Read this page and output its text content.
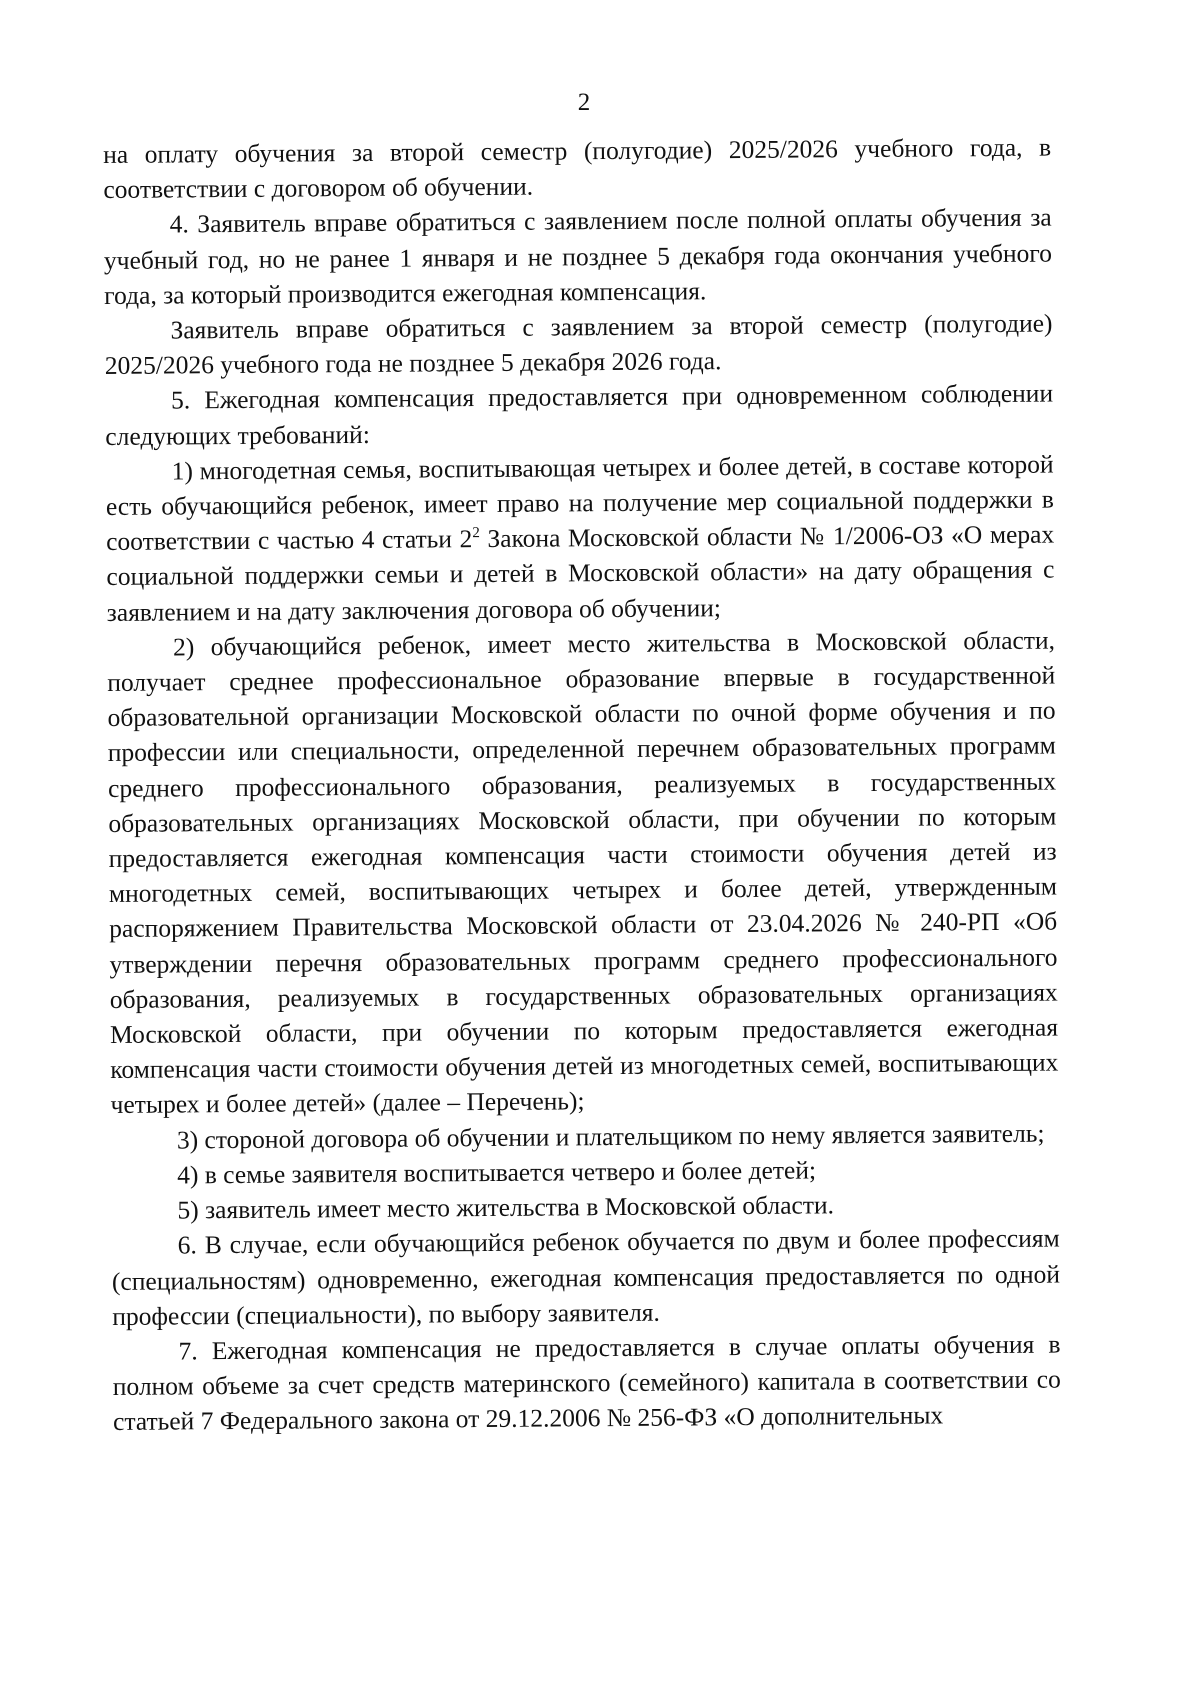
2

на оплату обучения за второй семестр (полугодие) 2025/2026 учебного года, в соответствии с договором об обучении.

4. Заявитель вправе обратиться с заявлением после полной оплаты обучения за учебный год, но не ранее 1 января и не позднее 5 декабря года окончания учебного года, за который производится ежегодная компенсация.

Заявитель вправе обратиться с заявлением за второй семестр (полугодие) 2025/2026 учебного года не позднее 5 декабря 2026 года.

5. Ежегодная компенсация предоставляется при одновременном соблюдении следующих требований:

1) многодетная семья, воспитывающая четырех и более детей, в составе которой есть обучающийся ребенок, имеет право на получение мер социальной поддержки в соответствии с частью 4 статьи $2^2$ Закона Московской области № 1/2006-ОЗ «О мерах социальной поддержки семьи и детей в Московской области» на дату обращения с заявлением и на дату заключения договора об обучении;

2) обучающийся ребенок, имеет место жительства в Московской области, получает среднее профессиональное образование впервые в государственной образовательной организации Московской области по очной форме обучения и по профессии или специальности, определенной перечнем образовательных программ среднего профессионального образования, реализуемых в государственных образовательных организациях Московской области, при обучении по которым предоставляется ежегодная компенсация части стоимости обучения детей из многодетных семей, воспитывающих четырех и более детей, утвержденным распоряжением Правительства Московской области от 23.04.2026 № 240-РП «Об утверждении перечня образовательных программ среднего профессионального образования, реализуемых в государственных образовательных организациях Московской области, при обучении по которым предоставляется ежегодная компенсация части стоимости обучения детей из многодетных семей, воспитывающих четырех и более детей» (далее – Перечень);

3) стороной договора об обучении и плательщиком по нему является заявитель;

4) в семье заявителя воспитывается четверо и более детей;

5) заявитель имеет место жительства в Московской области.

6. В случае, если обучающийся ребенок обучается по двум и более профессиям (специальностям) одновременно, ежегодная компенсация предоставляется по одной профессии (специальности), по выбору заявителя.

7. Ежегодная компенсация не предоставляется в случае оплаты обучения в полном объеме за счет средств материнского (семейного) капитала в соответствии со статьей 7 Федерального закона от 29.12.2006 № 256-ФЗ «О дополнительных
